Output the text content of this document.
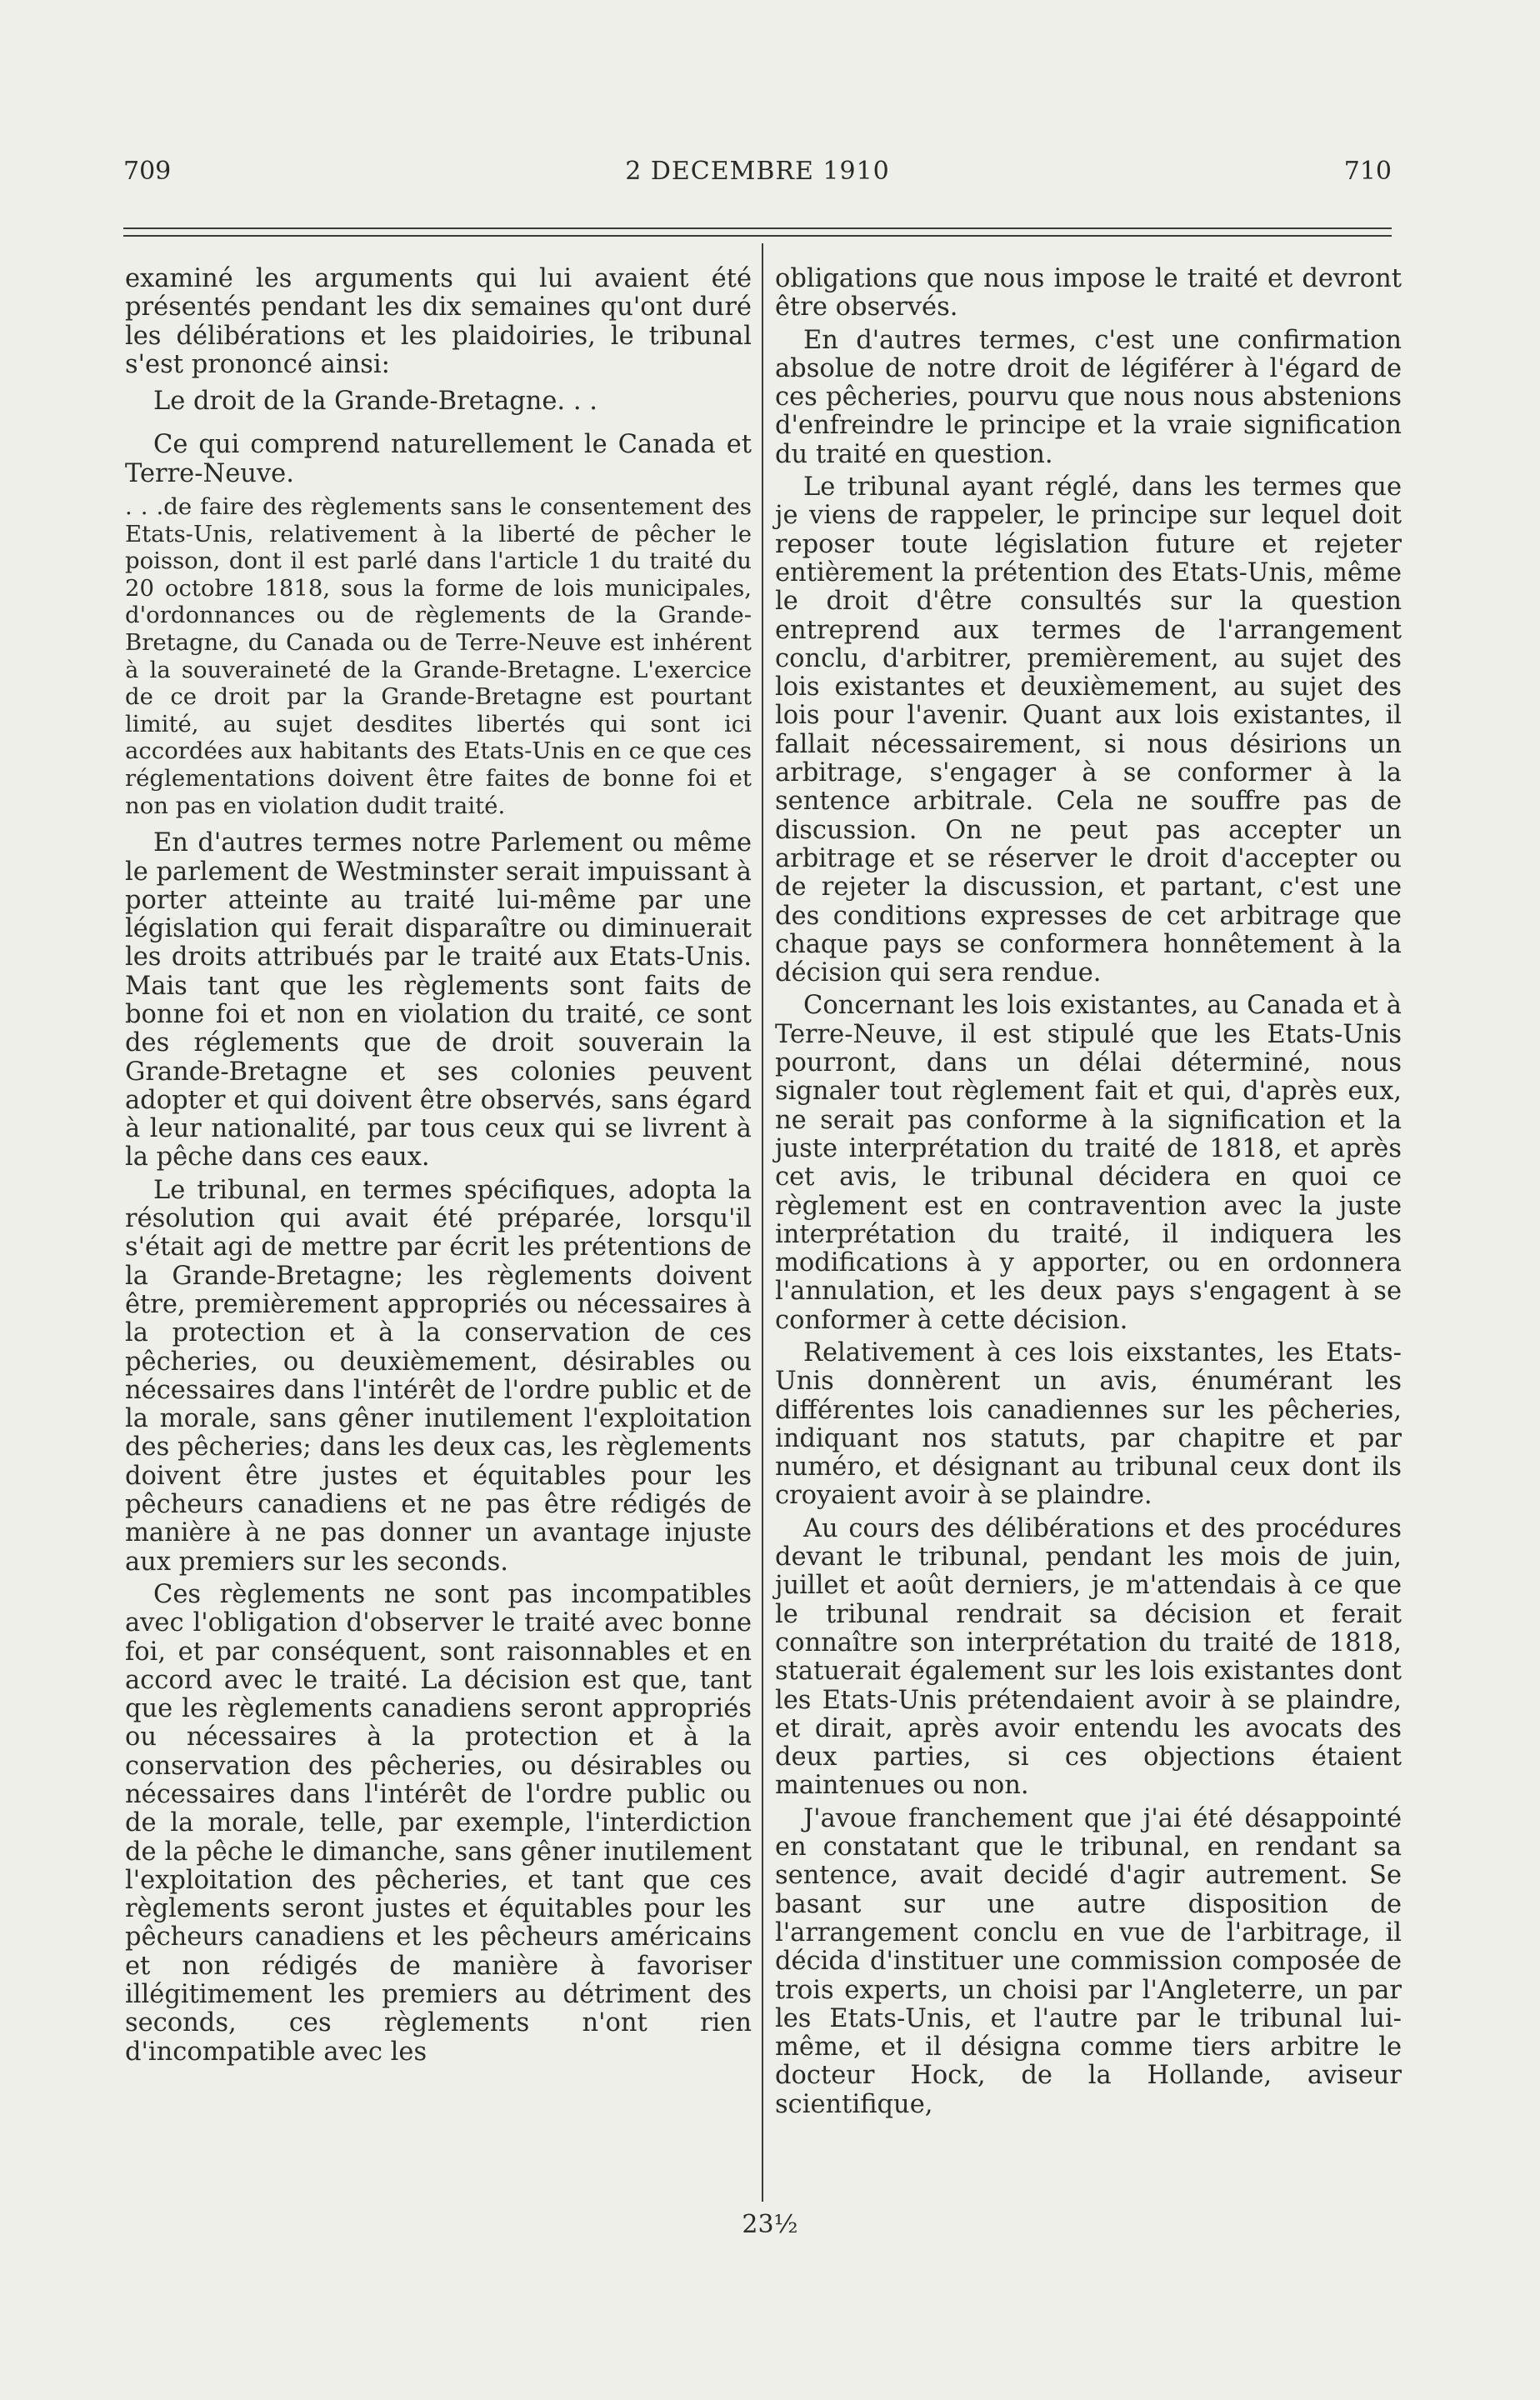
709	2 DECEMBRE 1910	710

examiné les arguments qui lui avaient été présentés pendant les dix semaines qu'ont duré les délibérations et les plaidoiries, le tribunal s'est prononcé ainsi:

Le droit de la Grande-Bretagne. . .

Ce qui comprend naturellement le Canada et Terre-Neuve.

. . .de faire des règlements sans le consentement des Etats-Unis, relativement à la liberté de pêcher le poisson, dont il est parlé dans l'article 1 du traité du 20 octobre 1818, sous la forme de lois municipales, d'ordonnances ou de règlements de la Grande-Bretagne, du Canada ou de Terre-Neuve est inhérent à la souveraineté de la Grande-Bretagne. L'exercice de ce droit par la Grande-Bretagne est pourtant limité, au sujet desdites libertés qui sont ici accordées aux habitants des Etats-Unis en ce que ces réglementations doivent être faites de bonne foi et non pas en violation dudit traité.

En d'autres termes notre Parlement ou même le parlement de Westminster serait impuissant à porter atteinte au traité lui-même par une législation qui ferait disparaître ou diminuerait les droits attribués par le traité aux Etats-Unis. Mais tant que les règlements sont faits de bonne foi et non en violation du traité, ce sont des réglements que de droit souverain la Grande-Bretagne et ses colonies peuvent adopter et qui doivent être observés, sans égard à leur nationalité, par tous ceux qui se livrent à la pêche dans ces eaux.

Le tribunal, en termes spécifiques, adopta la résolution qui avait été préparée, lorsqu'il s'était agi de mettre par écrit les prétentions de la Grande-Bretagne; les règlements doivent être, premièrement appropriés ou nécessaires à la protection et à la conservation de ces pêcheries, ou deuxièmement, désirables ou nécessaires dans l'intérêt de l'ordre public et de la morale, sans gêner inutilement l'exploitation des pêcheries; dans les deux cas, les règlements doivent être justes et équitables pour les pêcheurs canadiens et ne pas être rédigés de manière à ne pas donner un avantage injuste aux premiers sur les seconds.

Ces règlements ne sont pas incompatibles avec l'obligation d'observer le traité avec bonne foi, et par conséquent, sont raisonnables et en accord avec le traité. La décision est que, tant que les règlements canadiens seront appropriés ou nécessaires à la protection et à la conservation des pêcheries, ou désirables ou nécessaires dans l'intérêt de l'ordre public ou de la morale, telle, par exemple, l'interdiction de la pêche le dimanche, sans gêner inutilement l'exploitation des pêcheries, et tant que ces règlements seront justes et équitables pour les pêcheurs canadiens et les pêcheurs américains et non rédigés de manière à favoriser illégitimement les premiers au détriment des seconds, ces règlements n'ont rien d'incompatible avec les

obligations que nous impose le traité et devront être observés.

En d'autres termes, c'est une confirmation absolue de notre droit de légiférer à l'égard de ces pêcheries, pourvu que nous nous abstenions d'enfreindre le principe et la vraie signification du traité en question.

Le tribunal ayant réglé, dans les termes que je viens de rappeler, le principe sur lequel doit reposer toute législation future et rejeter entièrement la prétention des Etats-Unis, même le droit d'être consultés sur la question entreprend aux termes de l'arrangement conclu, d'arbitrer, premièrement, au sujet des lois existantes et deuxièmement, au sujet des lois pour l'avenir. Quant aux lois existantes, il fallait nécessairement, si nous désirions un arbitrage, s'engager à se conformer à la sentence arbitrale. Cela ne souffre pas de discussion. On ne peut pas accepter un arbitrage et se réserver le droit d'accepter ou de rejeter la discussion, et partant, c'est une des conditions expresses de cet arbitrage que chaque pays se conformera honnêtement à la décision qui sera rendue.

Concernant les lois existantes, au Canada et à Terre-Neuve, il est stipulé que les Etats-Unis pourront, dans un délai déterminé, nous signaler tout règlement fait et qui, d'après eux, ne serait pas conforme à la signification et la juste interprétation du traité de 1818, et après cet avis, le tribunal décidera en quoi ce règlement est en contravention avec la juste interprétation du traité, il indiquera les modifications à y apporter, ou en ordonnera l'annulation, et les deux pays s'engagent à se conformer à cette décision.

Relativement à ces lois eixstantes, les Etats-Unis donnèrent un avis, énumérant les différentes lois canadiennes sur les pêcheries, indiquant nos statuts, par chapitre et par numéro, et désignant au tribunal ceux dont ils croyaient avoir à se plaindre.

Au cours des délibérations et des procédures devant le tribunal, pendant les mois de juin, juillet et août derniers, je m'attendais à ce que le tribunal rendrait sa décision et ferait connaître son interprétation du traité de 1818, statuerait également sur les lois existantes dont les Etats-Unis prétendaient avoir à se plaindre, et dirait, après avoir entendu les avocats des deux parties, si ces objections étaient maintenues ou non.

J'avoue franchement que j'ai été désappointé en constatant que le tribunal, en rendant sa sentence, avait decidé d'agir autrement. Se basant sur une autre disposition de l'arrangement conclu en vue de l'arbitrage, il décida d'instituer une commission composée de trois experts, un choisi par l'Angleterre, un par les Etats-Unis, et l'autre par le tribunal lui-même, et il désigna comme tiers arbitre le docteur Hock, de la Hollande, aviseur scientifique,

23½
